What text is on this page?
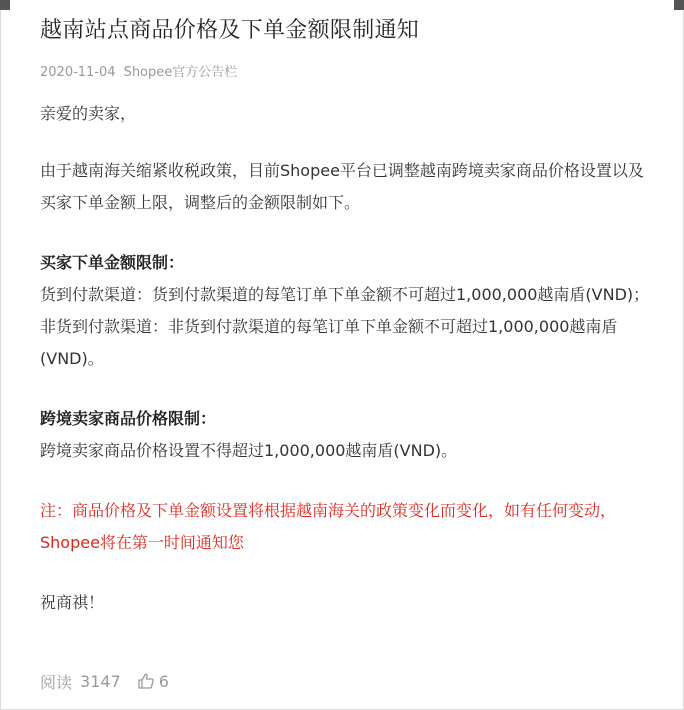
越南站点商品价格及下单金额限制通知
2020-11-04 Shopee官方公告栏

亲爱的卖家，

由于越南海关缩紧收税政策，目前Shopee平台已调整越南跨境卖家商品价格设置以及买家下单金额上限，调整后的金额限制如下。

买家下单金额限制：

货到付款渠道：货到付款渠道的每笔订单下单金额不可超过1,000,000越南盾(VND)；

非货到付款渠道：非货到付款渠道的每笔订单下单金额不可超过1,000,000越南盾(VND)。

跨境卖家商品价格限制：

跨境卖家商品价格设置不得超过1,000,000越南盾(VND)。

注：商品价格及下单金额设置将根据越南海关的政策变化而变化，如有任何变动，Shopee将在第一时间通知您

祝商祺！

阅读 3147 6
